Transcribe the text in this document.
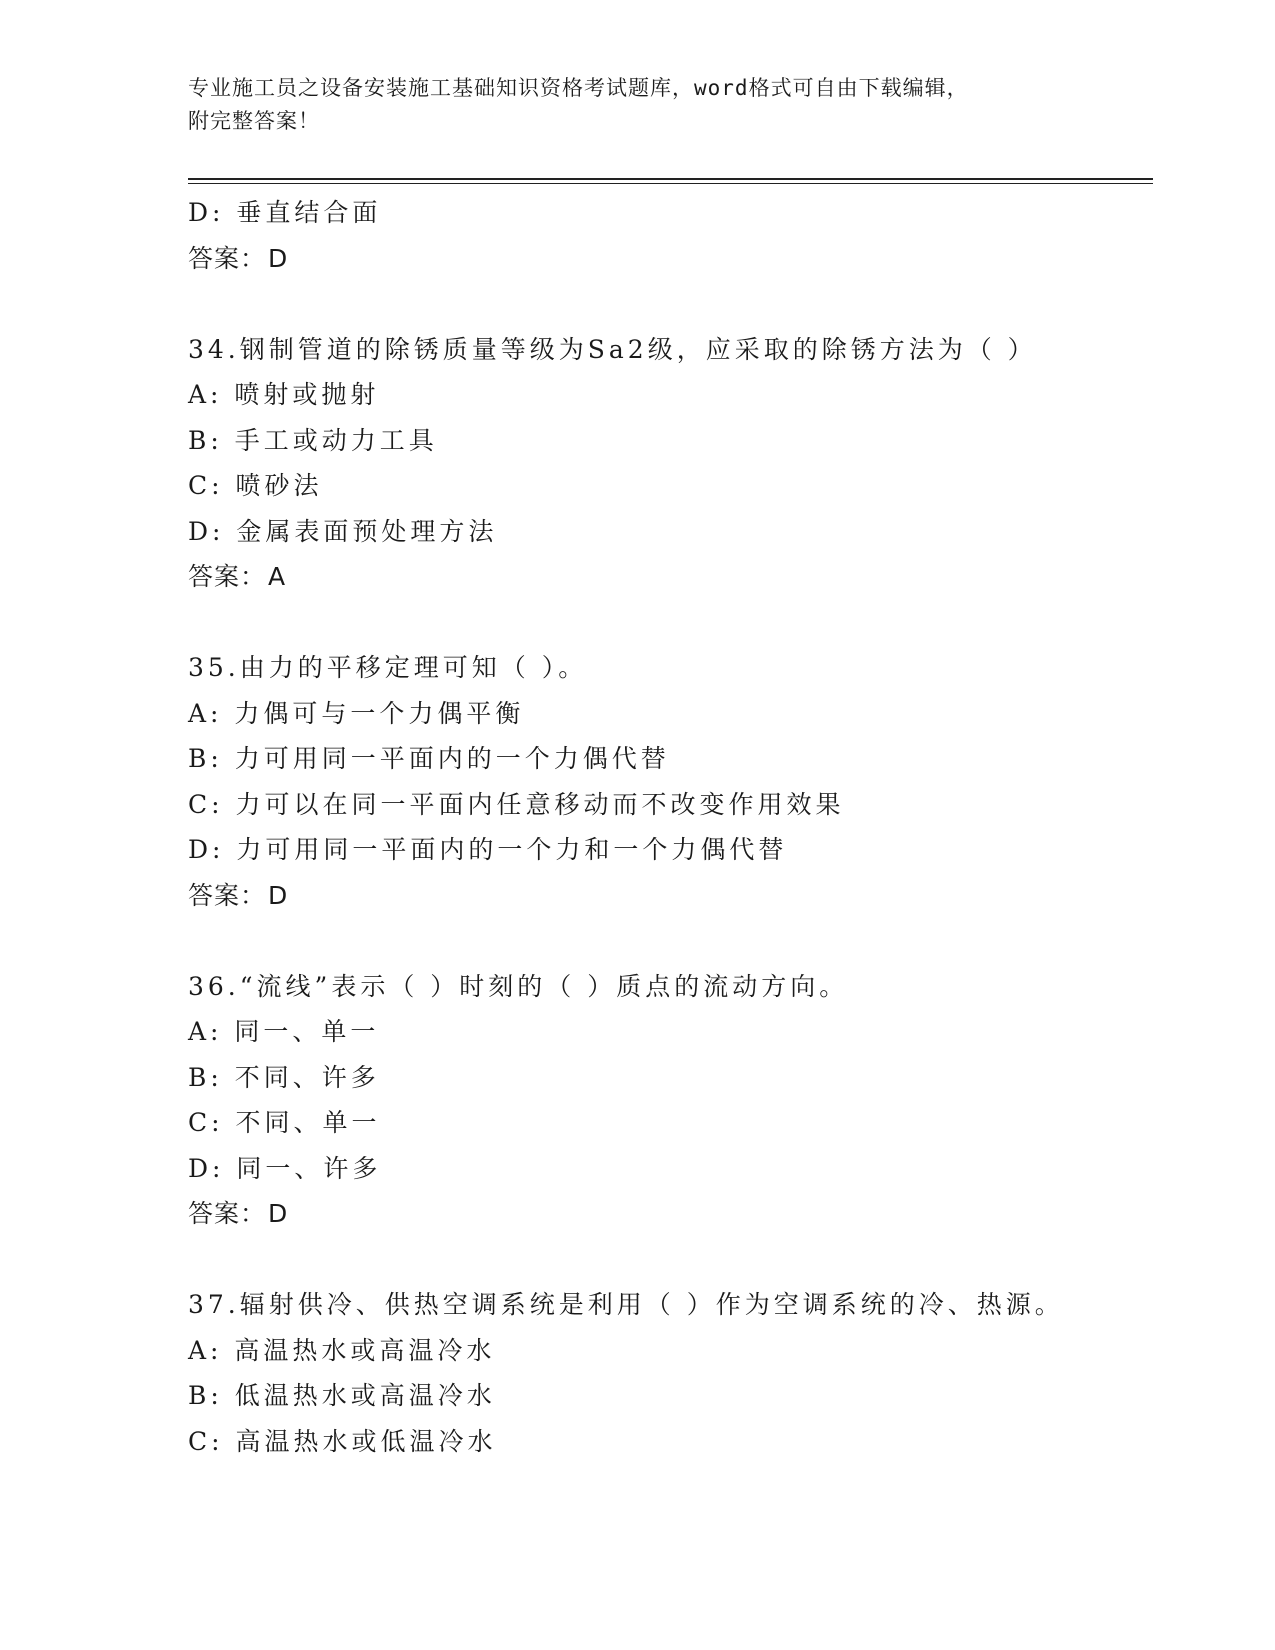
专业施工员之设备安装施工基础知识资格考试题库，word格式可自由下载编辑，
附完整答案！
D: 垂直结合面
答案：D
34.钢制管道的除锈质量等级为Sa2级，应采取的除锈方法为（ ）
A: 喷射或抛射
B: 手工或动力工具
C: 喷砂法
D: 金属表面预处理方法
答案：A
35.由力的平移定理可知（ ）。
A: 力偶可与一个力偶平衡
B: 力可用同一平面内的一个力偶代替
C: 力可以在同一平面内任意移动而不改变作用效果
D: 力可用同一平面内的一个力和一个力偶代替
答案：D
36.“流线”表示（ ）时刻的（ ）质点的流动方向。
A: 同一、单一
B: 不同、许多
C: 不同、单一
D: 同一、许多
答案：D
37.辐射供冷、供热空调系统是利用（ ）作为空调系统的冷、热源。
A: 高温热水或高温冷水
B: 低温热水或高温冷水
C: 高温热水或低温冷水
